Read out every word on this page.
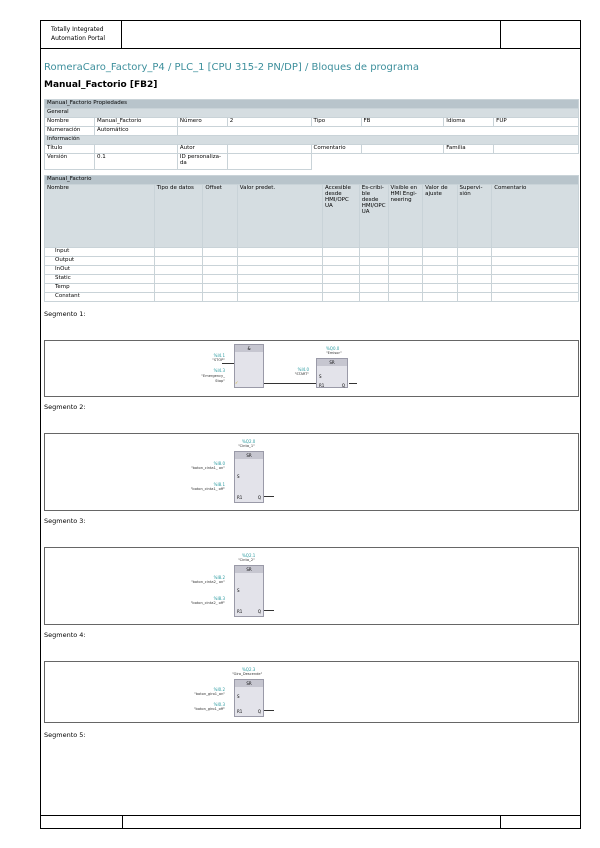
Totally Integrated
Automation Portal
RomeraCaro_Factory_P4 / PLC_1 [CPU 315-2 PN/DP] / Bloques de programa
Manual_Factorio [FB2]
Manual_Factorio Propiedades							
General							
Nombre	Manual_Factorio	Número	2	Tipo	FB	Idioma	FUP
Numeración	Automático						
Información							
Título		Autor		Comentario		Familia	
Versión	0.1	ID personaliza-da					
Manual_Factorio									
Nombre	Tipo de datos	Offset	Valor predet.	Accesible desde HMI/OPC UA	Es-cribi-ble desde HMI/OPC UA	Visible en HMI Engi-neering	Valor de ajuste	Supervi-sión	Comentario
Input									
Output									
InOut									
Static									
Temp									
Constant									
Segmento 1:
&
%I4.1
"STOP"
%I4.3
"Emergency_ Stop"	✓
SR
S
R1	Q
%Q0.0
"Emisor"
%I4.0
"START"
Segmento 2:
%Q2.0
"Cinta_1"
SR
S
R1	Q
%I8.0
"boton_cinta1_ on"
%I8.1
"boton_cinta1_ off"
Segmento 3:
%Q2.1
"Cinta_2"
SR
S
R1	Q
%I8.2
"boton_cinta2_ on"
%I8.3
"boton_cinta2_ off"
Segmento 4:
%Q2.3
"Giro_Descende"
SR
S
R1	Q
%I0.2
"boton_giro1_on"
%I0.3
"boton_giro1_off"
Segmento 5:
